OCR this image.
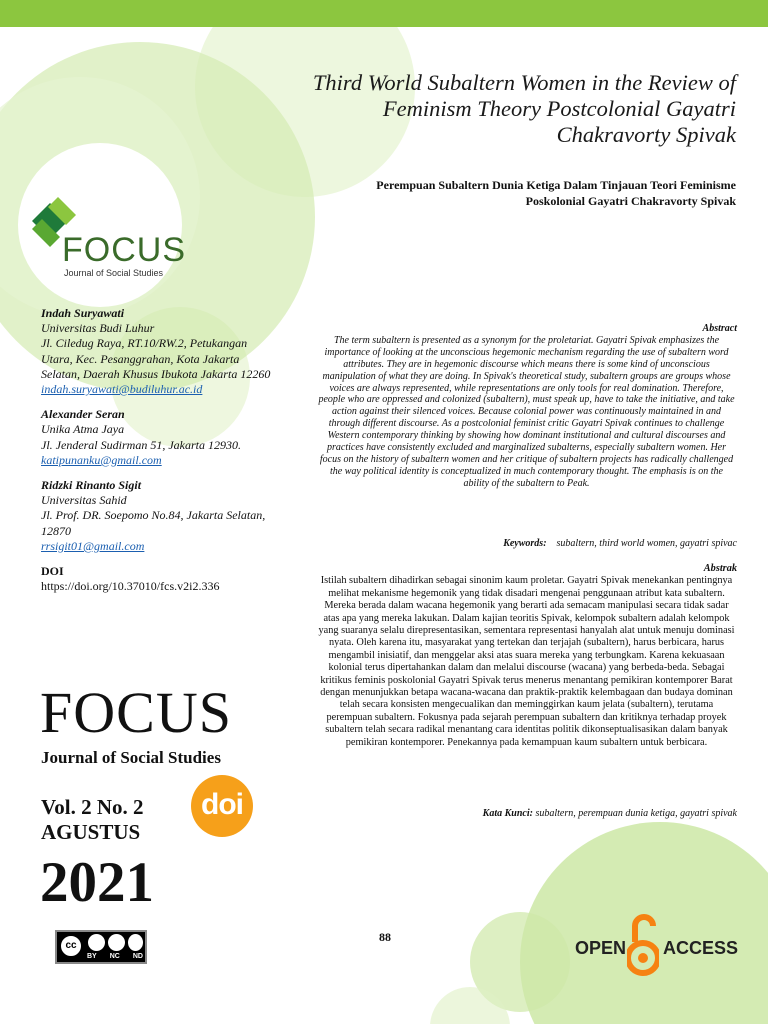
Third World Subaltern Women in the Review of Feminism Theory Postcolonial Gayatri Chakravorty Spivak
Perempuan Subaltern Dunia Ketiga Dalam Tinjauan Teori Feminisme Poskolonial Gayatri Chakravorty Spivak
FOCUS
Journal of Social Studies
Indah Suryawati
Universitas Budi Luhur
Jl. Ciledug Raya, RT.10/RW.2, Petukangan Utara, Kec. Pesanggrahan, Kota Jakarta Selatan, Daerah Khusus Ibukota Jakarta 12260
indah.suryawati@budiluhur.ac.id
Alexander Seran
Unika Atma Jaya
Jl. Jenderal Sudirman 51, Jakarta 12930.
katipunanku@gmail.com
Ridzki Rinanto Sigit
Universitas Sahid
Jl. Prof. DR. Soepomo No.84, Jakarta Selatan,
12870
rrsigit01@gmail.com
DOI
https://doi.org/10.37010/fcs.v2i2.336
FOCUS
Journal of Social Studies
Vol. 2 No. 2
AGUSTUS
2021
doi
Abstract
The term subaltern is presented as a synonym for the proletariat. Gayatri Spivak emphasizes the importance of looking at the unconscious hegemonic mechanism regarding the use of subaltern word attributes. They are in hegemonic discourse which means there is some kind of unconscious manipulation of what they are doing. In Spivak's theoretical study, subaltern groups are groups whose voices are always represented, while representations are only tools for real domination. Therefore, people who are oppressed and colonized (subaltern), must speak up, have to take the initiative, and take action against their silenced voices. Because colonial power was continuously maintained in and through different discourse. As a postcolonial feminist critic Gayatri Spivak continues to challenge Western contemporary thinking by showing how dominant institutional and cultural discourses and practices have consistently excluded and marginalized subalterns, especially subaltern women. Her focus on the history of subaltern women and her critique of subaltern projects has radically challenged the way political identity is conceptualized in much contemporary thought. The emphasis is on the ability of the subaltern to Peak.
Keywords: subaltern, third world women, gayatri spivac
Abstrak
Istilah subaltern dihadirkan sebagai sinonim kaum proletar. Gayatri Spivak menekankan pentingnya melihat mekanisme hegemonik yang tidak disadari mengenai penggunaan atribut kata subaltern. Mereka berada dalam wacana hegemonik yang berarti ada semacam manipulasi secara tidak sadar atas apa yang mereka lakukan. Dalam kajian teoritis Spivak, kelompok subaltern adalah kelompok yang suaranya selalu direpresentasikan, sementara representasi hanyalah alat untuk menuju dominasi nyata. Oleh karena itu, masyarakat yang tertekan dan terjajah (subaltern), harus berbicara, harus mengambil inisiatif, dan menggelar aksi atas suara mereka yang terbungkam. Karena kekuasaan kolonial terus dipertahankan dalam dan melalui discourse (wacana) yang berbeda-beda. Sebagai kritikus feminis poskolonial Gayatri Spivak terus menerus menantang pemikiran kontemporer Barat dengan menunjukkan betapa wacana-wacana dan praktik-praktik kelembagaan dan budaya dominan telah secara konsisten mengecualikan dan meminggirkan kaum jelata (subaltern), terutama perempuan subaltern. Fokusnya pada sejarah perempuan subaltern dan kritiknya terhadap proyek subaltern telah secara radikal menantang cara identitas politik dikonseptualisasikan dalam banyak pemikiran kontemporer. Penekannya pada kemampuan kaum subaltern untuk berbicara.
Kata Kunci: subaltern, perempuan dunia ketiga, gayatri spivak
88
cc
BY NC ND	OPEN ACCESS
